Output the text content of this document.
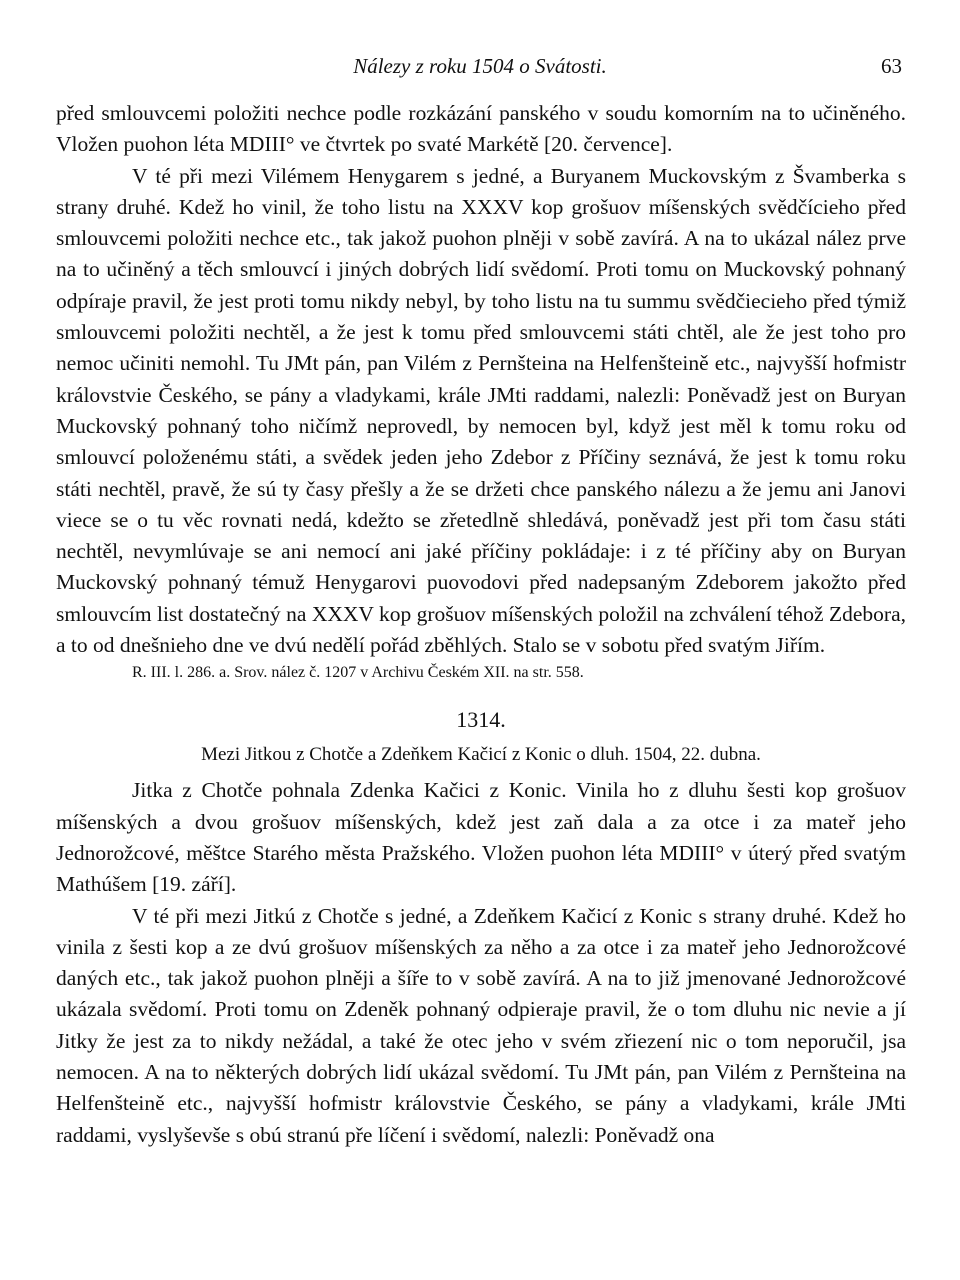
Nálezy z roku 1504 o Svátosti.	63

před smlouvcemi položiti nechce podle rozkázání panského v soudu komorním na to učiněného. Vložen puohon léta MDIII° ve čtvrtek po svaté Markétě [20. července].

V té při mezi Vilémem Henygarem s jedné, a Buryanem Muckovským z Švamberka s strany druhé. Kdež ho vinil, že toho listu na XXXV kop grošuov míšenských svědčícieho před smlouvcemi položiti nechce etc., tak jakož puohon plněji v sobě zavírá. A na to ukázal nález prve na to učiněný a těch smlouvcí i jiných dobrých lidí svědomí. Proti tomu on Muckovský pohnaný odpíraje pravil, že jest proti tomu nikdy nebyl, by toho listu na tu summu svědčiecieho před týmiž smlouvcemi položiti nechtěl, a že jest k tomu před smlouvcemi státi chtěl, ale že jest toho pro nemoc učiniti nemohl. Tu JMt pán, pan Vilém z Pernšteina na Helfenšteině etc., najvyšší hofmistr královstvie Českého, se pány a vladykami, krále JMti raddami, nalezli: Poněvadž jest on Buryan Muckovský pohnaný toho ničímž neprovedl, by nemocen byl, když jest měl k tomu roku od smlouvcí položenému státi, a svědek jeden jeho Zdebor z Příčiny seznává, že jest k tomu roku státi nechtěl, pravě, že sú ty časy přešly a že se držeti chce panského nálezu a že jemu ani Janovi viece se o tu věc rovnati nedá, kdežto se zřetedlně shledává, poněvadž jest při tom času státi nechtěl, nevymlúvaje se ani nemocí ani jaké příčiny pokládaje: i z té příčiny aby on Buryan Muckovský pohnaný témuž Henygarovi puovodovi před nadepsaným Zdeborem jakožto před smlouvcím list dostatečný na XXXV kop grošuov míšenských položil na zchválení téhož Zdebora, a to od dnešnieho dne ve dvú nedělí pořád zběhlých. Stalo se v sobotu před svatým Jiřím.

R. III. l. 286. a. Srov. nález č. 1207 v Archivu Českém XII. na str. 558.

1314.
Mezi Jitkou z Chotče a Zdeňkem Kačicí z Konic o dluh. 1504, 22. dubna.

Jitka z Chotče pohnala Zdenka Kačici z Konic. Vinila ho z dluhu šesti kop grošuov míšenských a dvou grošuov míšenských, kdež jest zaň dala a za otce i za mateř jeho Jednorožcové, měštce Starého města Pražského. Vložen puohon léta MDIII° v úterý před svatým Mathúšem [19. září].

V té při mezi Jitkú z Chotče s jedné, a Zdeňkem Kačicí z Konic s strany druhé. Kdež ho vinila z šesti kop a ze dvú grošuov míšenských za něho a za otce i za mateř jeho Jednorožcové daných etc., tak jakož puohon plněji a šíře to v sobě zavírá. A na to již jmenované Jednorožcové ukázala svědomí. Proti tomu on Zdeněk pohnaný odpieraje pravil, že o tom dluhu nic nevie a jí Jitky že jest za to nikdy nežádal, a také že otec jeho v svém zřiezení nic o tom neporučil, jsa nemocen. A na to některých dobrých lidí ukázal svědomí. Tu JMt pán, pan Vilém z Pernšteina na Helfenšteině etc., najvyšší hofmistr královstvie Českého, se pány a vladykami, krále JMti raddami, vyslyševše s obú stranú pře líčení i svědomí, nalezli: Poněvadž ona
